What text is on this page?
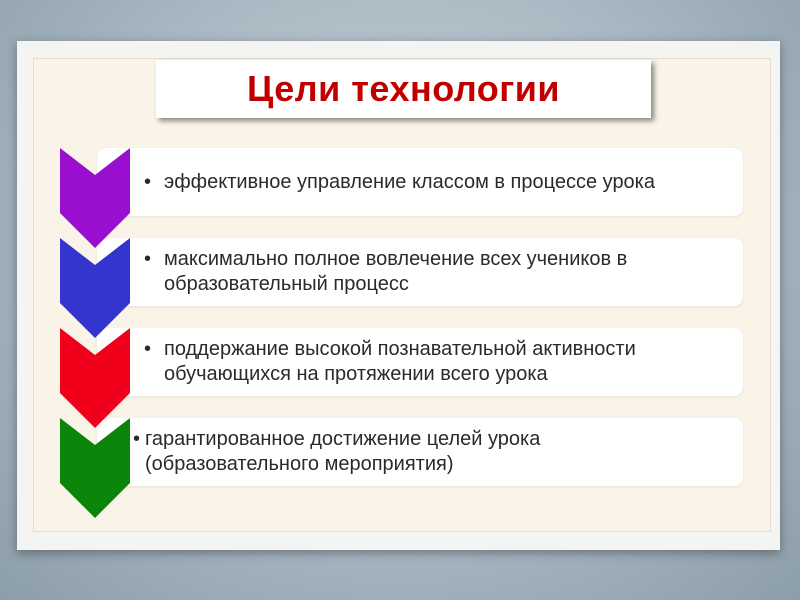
Цели технологии
• эффективное управление классом в процессе урока
• максимально полное вовлечение всех учеников в
образовательный процесс
• поддержание высокой познавательной активности
обучающихся на протяжении всего урока
• гарантированное достижение целей урока
(образовательного мероприятия)
